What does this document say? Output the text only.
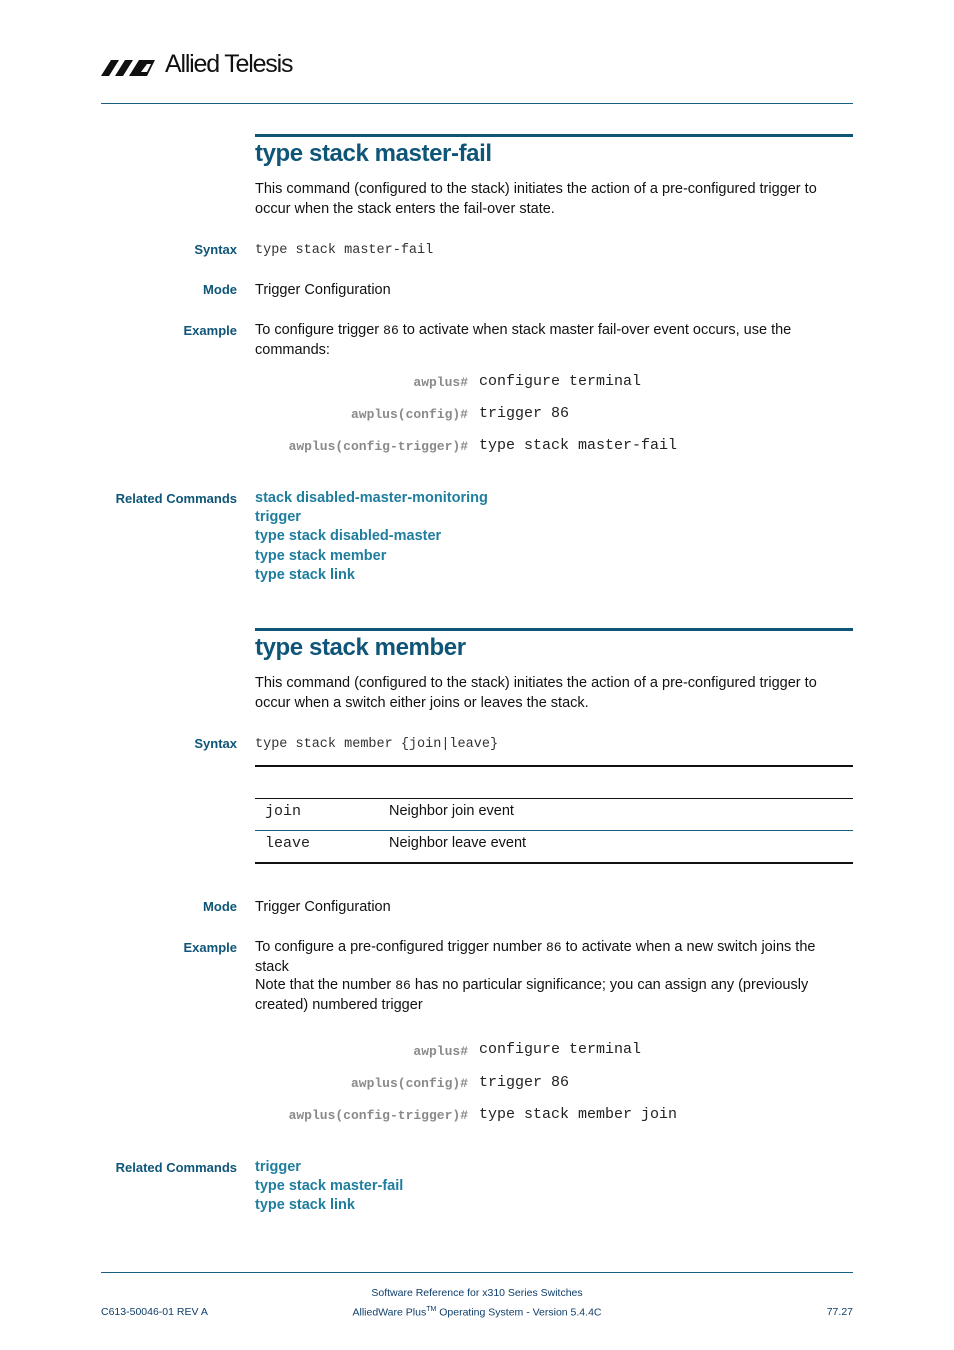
Allied Telesis
type stack master-fail
This command (configured to the stack) initiates the action of a pre-configured trigger to occur when the stack enters the fail-over state.
Syntax type stack master-fail
Mode Trigger Configuration
Example To configure trigger 86 to activate when stack master fail-over event occurs, use the commands:
awplus# configure terminal
awplus(config)# trigger 86
awplus(config-trigger)# type stack master-fail
Related Commands stack disabled-master-monitoring
trigger
type stack disabled-master
type stack member
type stack link
type stack member
This command (configured to the stack) initiates the action of a pre-configured trigger to occur when a switch either joins or leaves the stack.
Syntax type stack member {join|leave}
join	Neighbor join event
leave	Neighbor leave event
Mode Trigger Configuration
Example To configure a pre-configured trigger number 86 to activate when a new switch joins the stack
Note that the number 86 has no particular significance; you can assign any (previously created) numbered trigger
awplus# configure terminal
awplus(config)# trigger 86
awplus(config-trigger)# type stack member join
Related Commands trigger
type stack master-fail
type stack link
Software Reference for x310 Series Switches
C613-50046-01 REV A	AlliedWare Plus™ Operating System - Version 5.4.4C	77.27
